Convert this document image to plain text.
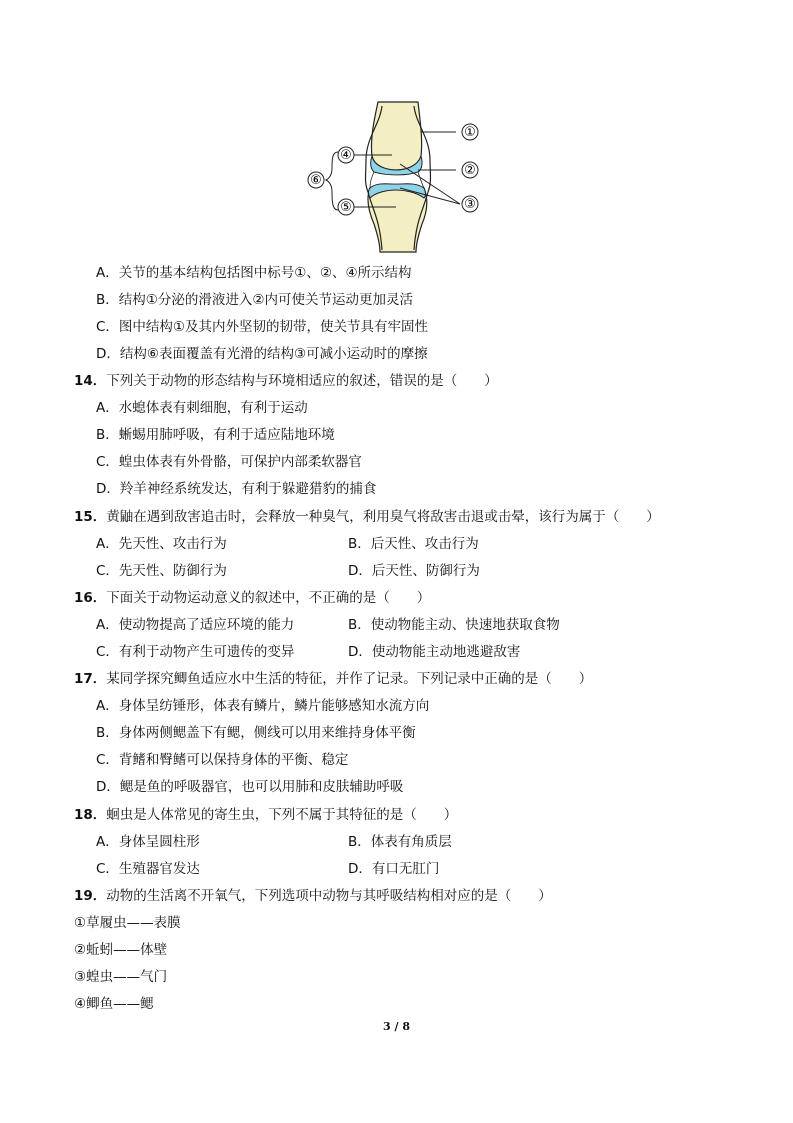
①
②
③
④
⑤
⑥
A．关节的基本结构包括图中标号①、②、④所示结构
B．结构①分泌的滑液进入②内可使关节运动更加灵活
C．图中结构①及其内外坚韧的韧带，使关节具有牢固性
D．结构⑥表面覆盖有光滑的结构③可减小运动时的摩擦
14．下列关于动物的形态结构与环境相适应的叙述，错误的是（　　）
A．水螅体表有刺细胞，有利于运动
B．蜥蜴用肺呼吸，有利于适应陆地环境
C．蝗虫体表有外骨骼，可保护内部柔软器官
D．羚羊神经系统发达，有利于躲避猎豹的捕食
15．黄鼬在遇到敌害追击时，会释放一种臭气，利用臭气将敌害击退或击晕，该行为属于（　　）
A．先天性、攻击行为	B．后天性、攻击行为
C．先天性、防御行为	D．后天性、防御行为
16．下面关于动物运动意义的叙述中，不正确的是（　　）
A．使动物提高了适应环境的能力	B．使动物能主动、快速地获取食物
C．有利于动物产生可遗传的变异	D．使动物能主动地逃避敌害
17．某同学探究鲫鱼适应水中生活的特征，并作了记录。下列记录中正确的是（　　）
A．身体呈纺锤形，体表有鳞片，鳞片能够感知水流方向
B．身体两侧鳃盖下有鳃，侧线可以用来维持身体平衡
C．背鳍和臀鳍可以保持身体的平衡、稳定
D．鳃是鱼的呼吸器官，也可以用肺和皮肤辅助呼吸
18．蛔虫是人体常见的寄生虫，下列不属于其特征的是（　　）
A．身体呈圆柱形	B．体表有角质层
C．生殖器官发达	D．有口无肛门
19．动物的生活离不开氧气，下列选项中动物与其呼吸结构相对应的是（　　）
①草履虫——表膜
②蚯蚓——体壁
③蝗虫——气门
④鲫鱼——鳃
3 / 8
